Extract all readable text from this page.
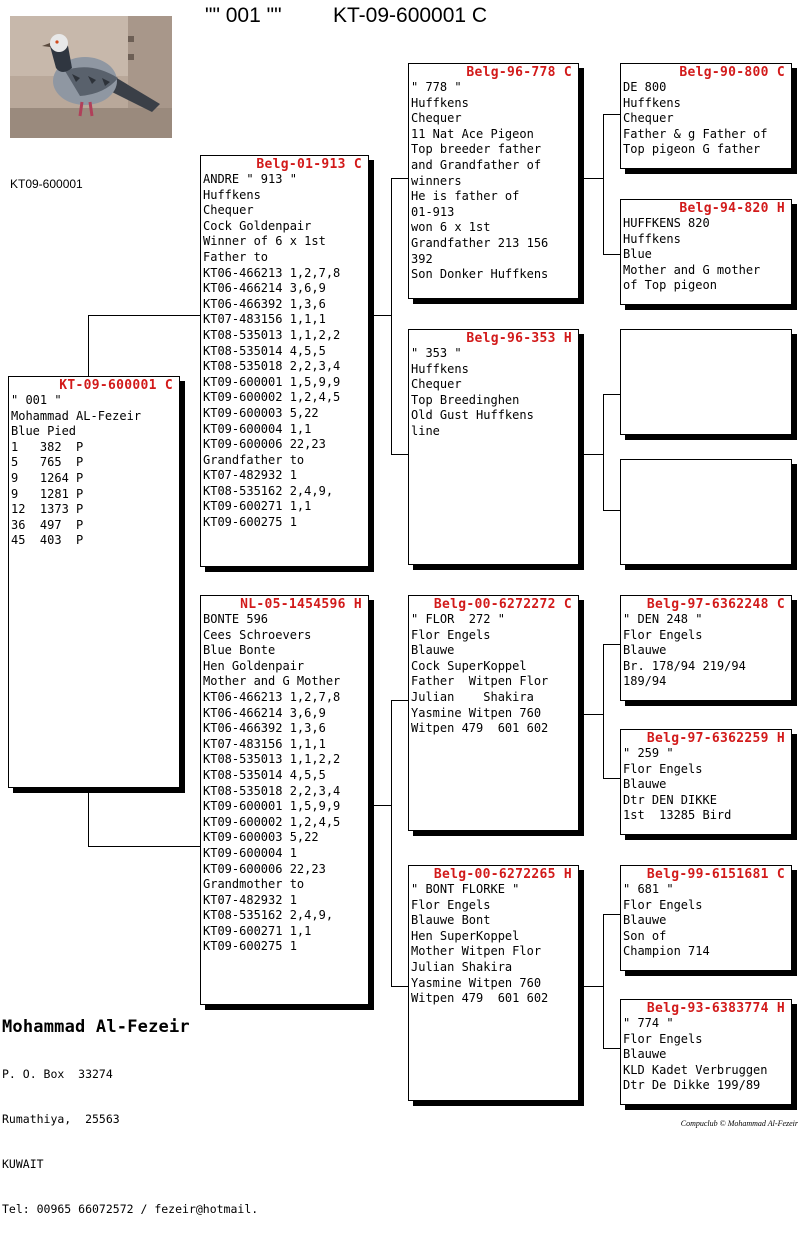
"" 001 "" KT-09-600001 C
KT09-600001
KT-09-600001 C
" 001 "
Mohammad AL-Fezeir
Blue Pied
1   382  P
5   765  P
9   1264 P
9   1281 P
12  1373 P
36  497  P
45  403  P
Belg-01-913 C
ANDRE " 913 "
Huffkens
Chequer
Cock Goldenpair
Winner of 6 x 1st
Father to
KT06-466213 1,2,7,8
KT06-466214 3,6,9
KT06-466392 1,3,6
KT07-483156 1,1,1
KT08-535013 1,1,2,2
KT08-535014 4,5,5
KT08-535018 2,2,3,4
KT09-600001 1,5,9,9
KT09-600002 1,2,4,5
KT09-600003 5,22
KT09-600004 1,1
KT09-600006 22,23
Grandfather to
KT07-482932 1
KT08-535162 2,4,9,
KT09-600271 1,1
KT09-600275 1
NL-05-1454596 H
BONTE 596
Cees Schroevers
Blue Bonte
Hen Goldenpair
Mother and G Mother
KT06-466213 1,2,7,8
KT06-466214 3,6,9
KT06-466392 1,3,6
KT07-483156 1,1,1
KT08-535013 1,1,2,2
KT08-535014 4,5,5
KT08-535018 2,2,3,4
KT09-600001 1,5,9,9
KT09-600002 1,2,4,5
KT09-600003 5,22
KT09-600004 1
KT09-600006 22,23
Grandmother to
KT07-482932 1
KT08-535162 2,4,9,
KT09-600271 1,1
KT09-600275 1
Belg-96-778 C
" 778 "
Huffkens
Chequer
11 Nat Ace Pigeon
Top breeder father
and Grandfather of
winners
He is father of
01-913
won 6 x 1st
Grandfather 213 156
392
Son Donker Huffkens
Belg-96-353 H
" 353 "
Huffkens
Chequer
Top Breedinghen
Old Gust Huffkens
line
Belg-00-6272272 C
" FLOR  272 "
Flor Engels
Blauwe
Cock SuperKoppel
Father  Witpen Flor
Julian    Shakira
Yasmine Witpen 760
Witpen 479  601 602
Belg-00-6272265 H
" BONT FLORKE "
Flor Engels
Blauwe Bont
Hen SuperKoppel
Mother Witpen Flor
Julian Shakira
Yasmine Witpen 760
Witpen 479  601 602
Belg-90-800 C
DE 800
Huffkens
Chequer
Father & g Father of
Top pigeon G father
Belg-94-820 H
HUFFKENS 820
Huffkens
Blue
Mother and G mother
of Top pigeon
Belg-97-6362248 C
" DEN 248 "
Flor Engels
Blauwe
Br. 178/94 219/94
189/94
Belg-97-6362259 H
" 259 "
Flor Engels
Blauwe
Dtr DEN DIKKE
1st  13285 Bird
Belg-99-6151681 C
" 681 "
Flor Engels
Blauwe
Son of
Champion 714
Belg-93-6383774 H
" 774 "
Flor Engels
Blauwe
KLD Kadet Verbruggen
Dtr De Dikke 199/89
Mohammad Al-Fezeir

P. O. Box  33274

Rumathiya,  25563

KUWAIT

Tel: 00965 66072572 / fezeir@hotmail.

Compuclub © Mohammad Al-Fezeir
